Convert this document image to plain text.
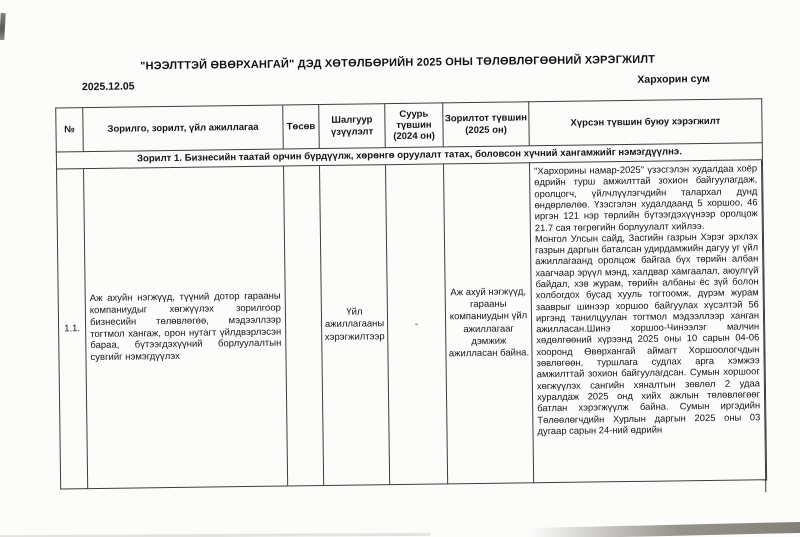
"НЭЭЛТТЭЙ ӨВӨРХАНГАЙ" ДЭД ХӨТӨЛБӨРИЙН 2025 ОНЫ ТӨЛӨВЛӨГӨӨНИЙ ХЭРЭГЖИЛТ
2025.12.05
Хархорин сум
№	Зорилго, зорилт, үйл ажиллагаа	Төсөв	Шалгуур үзүүлэлт	Суурь түвшин (2024 он)	Зорилтот түвшин (2025 он)	Хүрсэн түвшин буюу хэрэгжилт
Зорилт 1. Бизнесийн таатай орчин бүрдүүлж, хөрөнгө оруулалт татах, боловсон хүчний хангамжийг нэмэгдүүлнэ.						
1.1.	Аж ахуйн нэгжүүд, түүний дотор гарааны компаниудыг хөгжүүлэх зорилгоор бизнесийн төлөвлөгөө, мэдээллээр тогтмол хангаж, орон нутагт үйлдвэрлэсэн бараа, бүтээгдэхүүний борлуулалтын сувгийг нэмэгдүүлэх		Үйл ажиллагааны хэрэгжилтээр	-	Аж ахуй нэгжүүд, гарааны компаниудын үйл ажиллагааг дэмжиж ажилласан байна.	"Хархорины намар-2025" үзэсгэлэн худалдаа хоёр өдрийн турш амжилттай зохион байгуулагдаж, оролцогч, үйлчлүүлэгчдийн талархал дунд өндөрлөлөө. Үзэсгэлэн худалдаанд 5 хоршоо, 46 иргэн 121 нэр төрлийн бүтээгдэхүүнээр оролцож 21.7 сая төгрөгийн борлуулалт хийлээ.

Монгол Улсын сайд, Засгийн газрын Хэрэг эрхлэх газрын даргын баталсан удирдамжийн дагуу уг үйл ажиллагаанд оролцож байгаа бүх төрийн албан хаагчаар эрүүл мэнд, халдвар хамгаалал, аюулгүй байдал, хэв журам, төрийн албаны ёс зүй болон холбогдох бусад хууль тогтоомж, дүрэм журам зааврыг шинээр хоршоо байгуулах хүсэлтэй 56 иргэнд танилцуулан тогтмол мэдээллээр ханган ажилласан.Шинэ хоршоо-Чинээлэг малчин хөдөлгөөний хүрээнд 2025 оны 10 сарын 04-06 хооронд Өвөрхангай аймагт Хоршоологчдын зөвлөгөөн, туршлага судлах арга хэмжээ амжилттай зохион байгуулагдсан. Сумын хоршоог хөгжүүлэх сангийн хяналтын зөвлөл 2 удаа хуралдаж 2025 онд хийх ажлын төлөвлөгөөг батлан хэрэгжүүлж байна. Сумын иргэдийн Төлөөлөгчдийн Хурлын даргын 2025 оны 03 дугаар сарын 24-ний өдрийн
